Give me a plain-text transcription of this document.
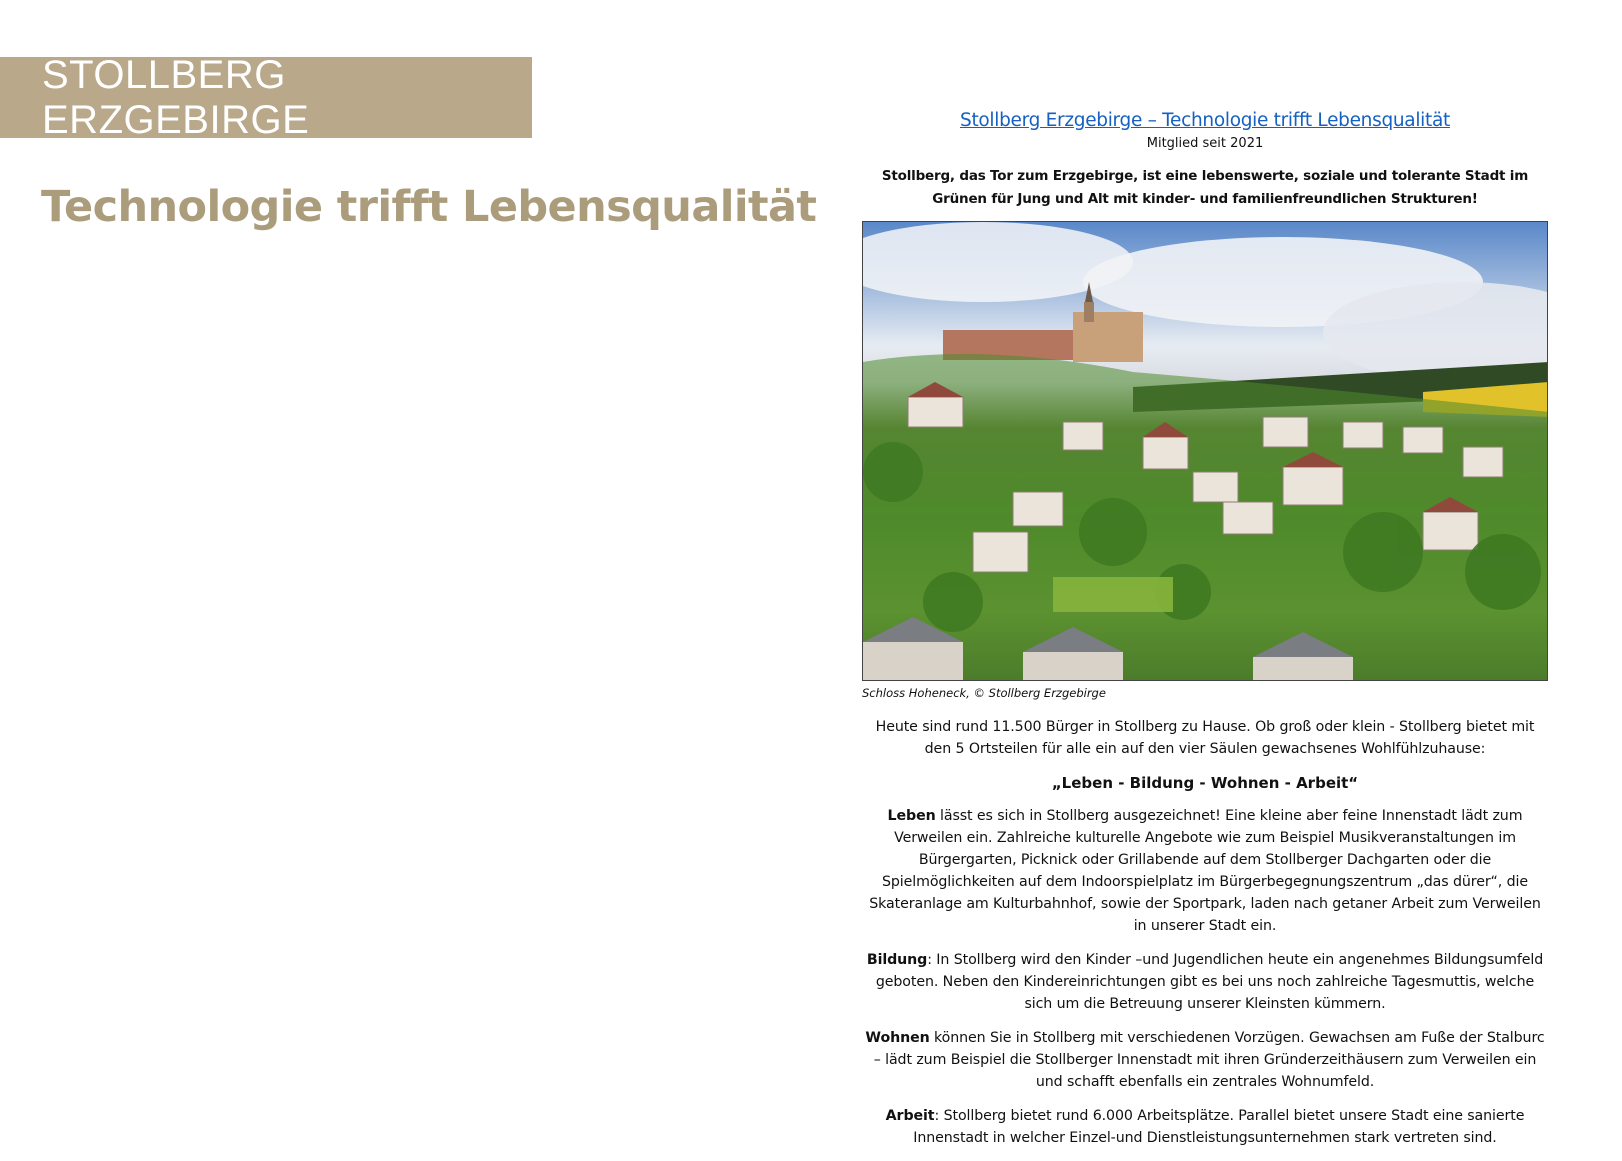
STOLLBERG ERZGEBIRGE
Technologie trifft Lebensqualität
Stollberg Erzgebirge – Technologie trifft Lebensqualität
Mitglied seit 2021

Stollberg, das Tor zum Erzgebirge, ist eine lebenswerte, soziale und tolerante Stadt im Grünen für Jung und Alt mit kinder- und familienfreundlichen Strukturen!

Schloss Hoheneck, © Stollberg Erzgebirge

Heute sind rund 11.500 Bürger in Stollberg zu Hause. Ob groß oder klein - Stollberg bietet mit den 5 Ortsteilen für alle ein auf den vier Säulen gewachsenes Wohlfühlzuhause:

„Leben - Bildung - Wohnen - Arbeit“

Leben lässt es sich in Stollberg ausgezeichnet! Eine kleine aber feine Innenstadt lädt zum Verweilen ein. Zahlreiche kulturelle Angebote wie zum Beispiel Musikveranstaltungen im Bürgergarten, Picknick oder Grillabende auf dem Stollberger Dachgarten oder die Spielmöglichkeiten auf dem Indoorspielplatz im Bürgerbegegnungszentrum „das dürer“, die Skateranlage am Kulturbahnhof, sowie der Sportpark, laden nach getaner Arbeit zum Verweilen in unserer Stadt ein.

Bildung: In Stollberg wird den Kinder –und Jugendlichen heute ein angenehmes Bildungsumfeld geboten. Neben den Kindereinrichtungen gibt es bei uns noch zahlreiche Tagesmuttis, welche sich um die Betreuung unserer Kleinsten kümmern.

Wohnen können Sie in Stollberg mit verschiedenen Vorzügen. Gewachsen am Fuße der Stalburc – lädt zum Beispiel die Stollberger Innenstadt mit ihren Gründerzeithäusern zum Verweilen ein und schafft ebenfalls ein zentrales Wohnumfeld.

Arbeit: Stollberg bietet rund 6.000 Arbeitsplätze. Parallel bietet unsere Stadt eine sanierte Innenstadt in welcher Einzel-und Dienstleistungsunternehmen stark vertreten sind.
